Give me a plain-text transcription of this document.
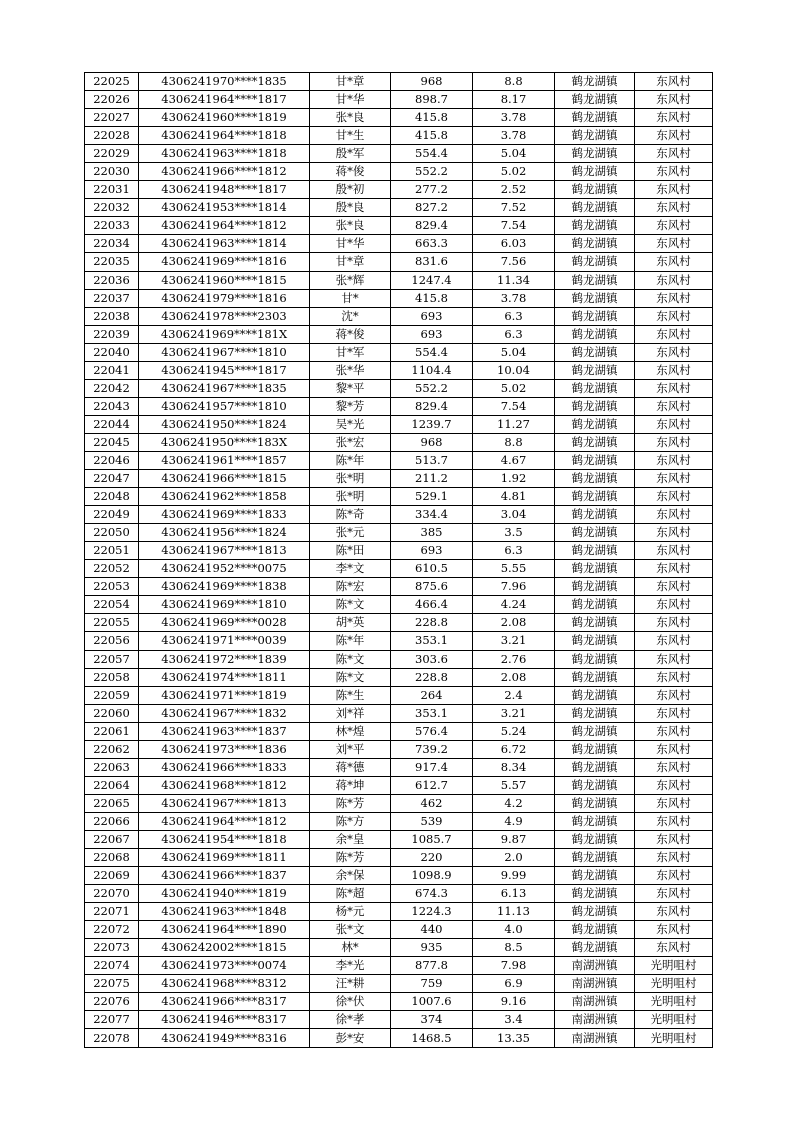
22025	4306241970****1835	甘*章	968	8.8	鹤龙湖镇	东风村
22026	4306241964****1817	甘*华	898.7	8.17	鹤龙湖镇	东风村
22027	4306241960****1819	张*良	415.8	3.78	鹤龙湖镇	东风村
22028	4306241964****1818	甘*生	415.8	3.78	鹤龙湖镇	东风村
22029	4306241963****1818	殷*军	554.4	5.04	鹤龙湖镇	东风村
22030	4306241966****1812	蒋*俊	552.2	5.02	鹤龙湖镇	东风村
22031	4306241948****1817	殷*初	277.2	2.52	鹤龙湖镇	东风村
22032	4306241953****1814	殷*良	827.2	7.52	鹤龙湖镇	东风村
22033	4306241964****1812	张*良	829.4	7.54	鹤龙湖镇	东风村
22034	4306241963****1814	甘*华	663.3	6.03	鹤龙湖镇	东风村
22035	4306241969****1816	甘*章	831.6	7.56	鹤龙湖镇	东风村
22036	4306241960****1815	张*辉	1247.4	11.34	鹤龙湖镇	东风村
22037	4306241979****1816	甘*	415.8	3.78	鹤龙湖镇	东风村
22038	4306241978****2303	沈*	693	6.3	鹤龙湖镇	东风村
22039	4306241969****181X	蒋*俊	693	6.3	鹤龙湖镇	东风村
22040	4306241967****1810	甘*军	554.4	5.04	鹤龙湖镇	东风村
22041	4306241945****1817	张*华	1104.4	10.04	鹤龙湖镇	东风村
22042	4306241967****1835	黎*平	552.2	5.02	鹤龙湖镇	东风村
22043	4306241957****1810	黎*芳	829.4	7.54	鹤龙湖镇	东风村
22044	4306241950****1824	吴*光	1239.7	11.27	鹤龙湖镇	东风村
22045	4306241950****183X	张*宏	968	8.8	鹤龙湖镇	东风村
22046	4306241961****1857	陈*年	513.7	4.67	鹤龙湖镇	东风村
22047	4306241966****1815	张*明	211.2	1.92	鹤龙湖镇	东风村
22048	4306241962****1858	张*明	529.1	4.81	鹤龙湖镇	东风村
22049	4306241969****1833	陈*奇	334.4	3.04	鹤龙湖镇	东风村
22050	4306241956****1824	张*元	385	3.5	鹤龙湖镇	东风村
22051	4306241967****1813	陈*田	693	6.3	鹤龙湖镇	东风村
22052	4306241952****0075	李*文	610.5	5.55	鹤龙湖镇	东风村
22053	4306241969****1838	陈*宏	875.6	7.96	鹤龙湖镇	东风村
22054	4306241969****1810	陈*文	466.4	4.24	鹤龙湖镇	东风村
22055	4306241969****0028	胡*英	228.8	2.08	鹤龙湖镇	东风村
22056	4306241971****0039	陈*年	353.1	3.21	鹤龙湖镇	东风村
22057	4306241972****1839	陈*文	303.6	2.76	鹤龙湖镇	东风村
22058	4306241974****1811	陈*文	228.8	2.08	鹤龙湖镇	东风村
22059	4306241971****1819	陈*生	264	2.4	鹤龙湖镇	东风村
22060	4306241967****1832	刘*祥	353.1	3.21	鹤龙湖镇	东风村
22061	4306241963****1837	林*煌	576.4	5.24	鹤龙湖镇	东风村
22062	4306241973****1836	刘*平	739.2	6.72	鹤龙湖镇	东风村
22063	4306241966****1833	蒋*德	917.4	8.34	鹤龙湖镇	东风村
22064	4306241968****1812	蒋*坤	612.7	5.57	鹤龙湖镇	东风村
22065	4306241967****1813	陈*芳	462	4.2	鹤龙湖镇	东风村
22066	4306241964****1812	陈*方	539	4.9	鹤龙湖镇	东风村
22067	4306241954****1818	余*皇	1085.7	9.87	鹤龙湖镇	东风村
22068	4306241969****1811	陈*芳	220	2.0	鹤龙湖镇	东风村
22069	4306241966****1837	余*保	1098.9	9.99	鹤龙湖镇	东风村
22070	4306241940****1819	陈*超	674.3	6.13	鹤龙湖镇	东风村
22071	4306241963****1848	杨*元	1224.3	11.13	鹤龙湖镇	东风村
22072	4306241964****1890	张*文	440	4.0	鹤龙湖镇	东风村
22073	4306242002****1815	林*	935	8.5	鹤龙湖镇	东风村
22074	4306241973****0074	李*光	877.8	7.98	南湖洲镇	光明咀村
22075	4306241968****8312	汪*耕	759	6.9	南湖洲镇	光明咀村
22076	4306241966****8317	徐*伏	1007.6	9.16	南湖洲镇	光明咀村
22077	4306241946****8317	徐*孝	374	3.4	南湖洲镇	光明咀村
22078	4306241949****8316	彭*安	1468.5	13.35	南湖洲镇	光明咀村
